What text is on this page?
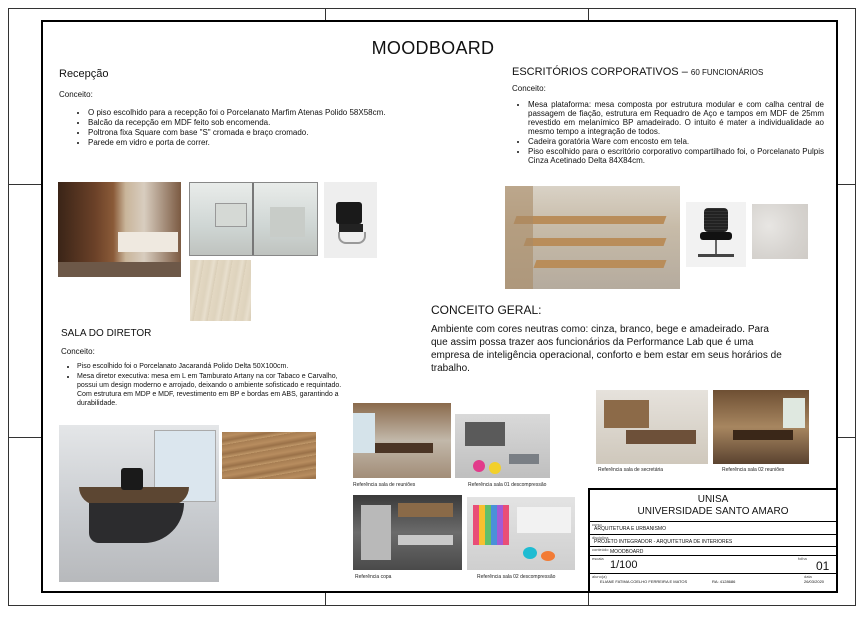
MOODBOARD
Recepção
Conceito:
• O piso escolhido para a recepção foi o Porcelanato Marfim Atenas Polido 58X58cm.
• Balcão da recepção em MDF feito sob encomenda.
• Poltrona fixa Square com base "S" cromada e braço cromado.
• Parede em vidro e porta de correr.
ESCRITÓRIOS CORPORATIVOS – 60 FUNCIONÁRIOS
Conceito:
• Mesa plataforma: mesa composta por estrutura modular e com calha central de passagem de fiação, estrutura em Requadro de Aço e tampos em MDF de 25mm revestido em melanímico BP amadeirado. O intuito é mater a individualidade ao mesmo tempo a integração de todos.
• Cadeira goratória Ware com encosto em tela.
• Piso escolhido para o escritório corporativo compartilhado foi, o Porcelanato Pulpis Cinza Acetinado Delta 84X84cm.
CONCEITO GERAL:
Ambiente com cores neutras como: cinza, branco, bege e amadeirado. Para que assim possa trazer aos funcionários da Performance Lab que é uma empresa de inteligência operacional, conforto e bem estar em seus horários de trabalho.
SALA DO DIRETOR
Conceito:
• Piso escolhido foi o Porcelanato Jacarandá Polido Delta 50X100cm.
• Mesa diretor executiva: mesa em L em Tamburato Artany na cor Tabaco e Carvalho, possui um design moderno e arrojado, deixando o ambiente sofisticado e requintado. Com estrutura em MDP e MDF, revestimento em BP e bordas em ABS, garantindo a durabilidade.
Referência sala de reuniões	Referência sala 01 descompressão
Referência copa	Referência sala 02 descompressão
Referência sala de secretária	Referência sala 02 reuniões
UNISA
UNIVERSIDADE SANTO AMARO
curso
ARQUITETURA E URBANISMO
disciplina
PROJETO INTEGRADOR - ARQUITETURA DE INTERIORES
conteúdo MOODBOARD
escala
1/100
folha
01
aluno(a)
ELIANE FATIMA COELHO FERREIRA E MATOS	RA: 4128686
data
26/03/2020
